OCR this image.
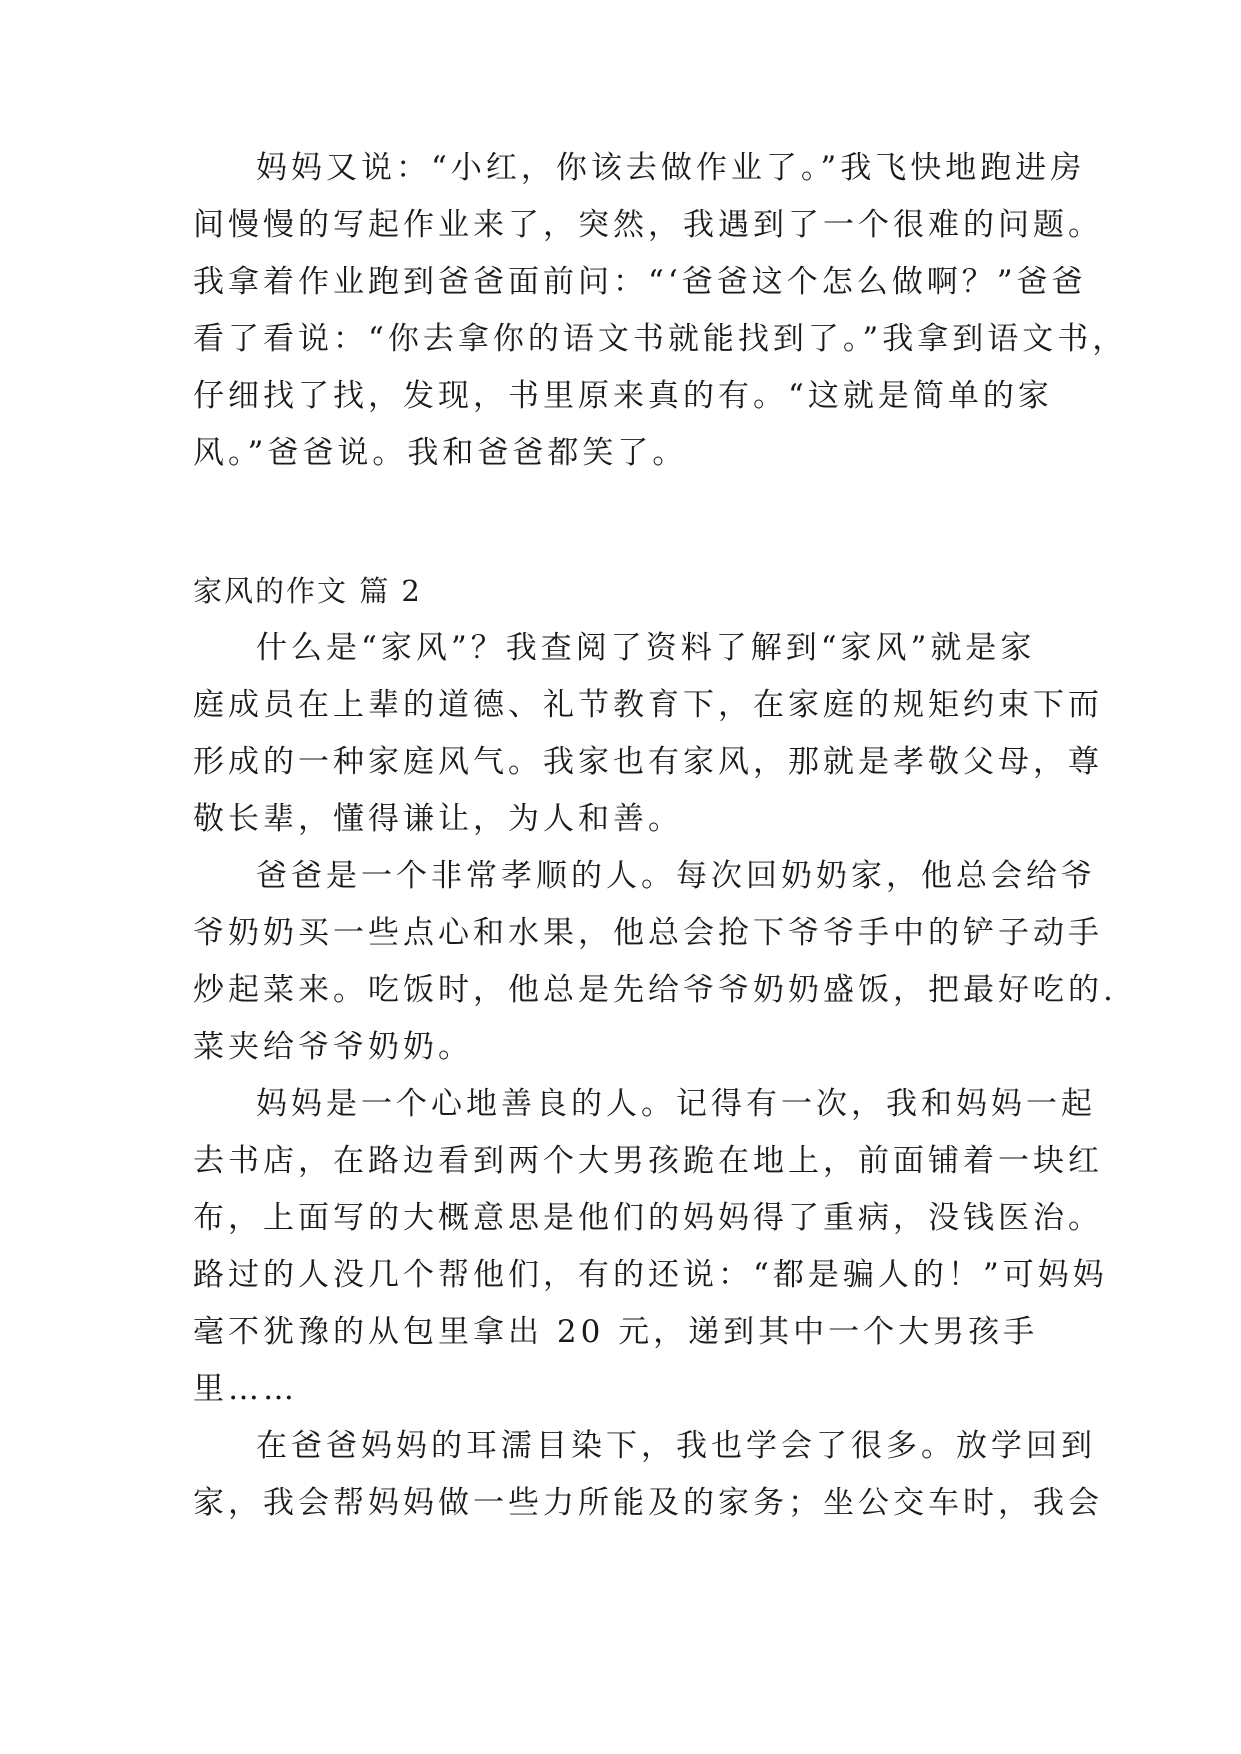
妈妈又说：“小红，你该去做作业了。”我飞快地跑进房
间慢慢的写起作业来了，突然，我遇到了一个很难的问题。
我拿着作业跑到爸爸面前问：“‘爸爸这个怎么做啊？”爸爸
看了看说：“你去拿你的语文书就能找到了。”我拿到语文书，
仔细找了找，发现，书里原来真的有。“这就是简单的家
风。”爸爸说。我和爸爸都笑了。
家风的作文 篇 2
什么是“家风”？我查阅了资料了解到“家风”就是家
庭成员在上辈的道德、礼节教育下，在家庭的规矩约束下而
形成的一种家庭风气。我家也有家风，那就是孝敬父母，尊
敬长辈，懂得谦让，为人和善。
爸爸是一个非常孝顺的人。每次回奶奶家，他总会给爷
爷奶奶买一些点心和水果，他总会抢下爷爷手中的铲子动手
炒起菜来。吃饭时，他总是先给爷爷奶奶盛饭，把最好吃的.
菜夹给爷爷奶奶。
妈妈是一个心地善良的人。记得有一次，我和妈妈一起
去书店，在路边看到两个大男孩跪在地上，前面铺着一块红
布，上面写的大概意思是他们的妈妈得了重病，没钱医治。
路过的人没几个帮他们，有的还说：“都是骗人的！”可妈妈
毫不犹豫的从包里拿出 20 元，递到其中一个大男孩手
里……
在爸爸妈妈的耳濡目染下，我也学会了很多。放学回到
家，我会帮妈妈做一些力所能及的家务；坐公交车时，我会
